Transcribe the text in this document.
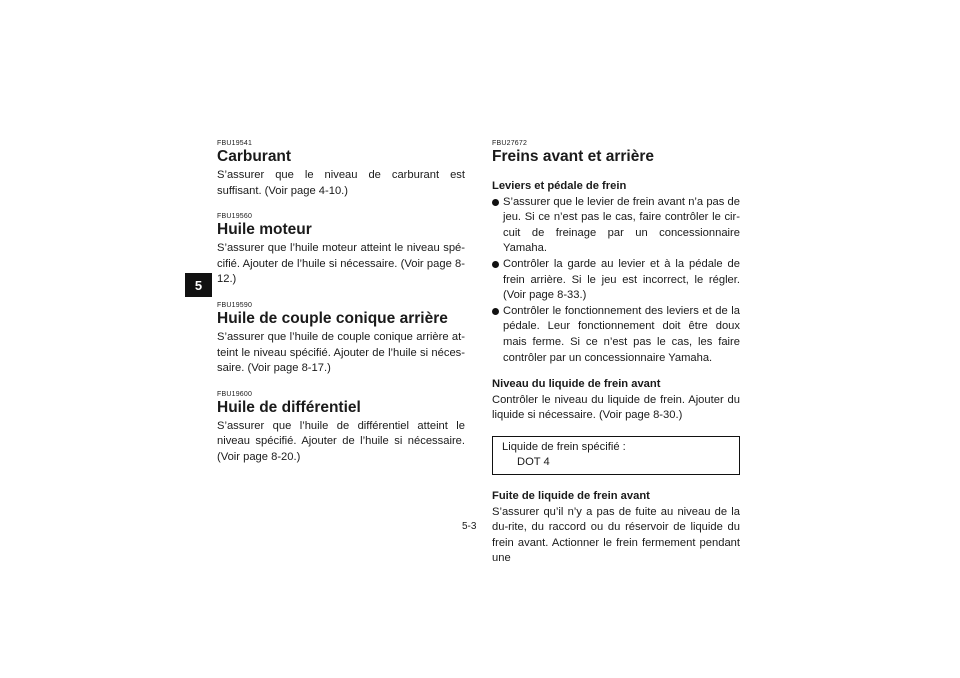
5
FBU19541
Carburant

S’assurer que le niveau de carburant est suffisant. (Voir page 4-10.)

FBU19560
Huile moteur

S’assurer que l’huile moteur atteint le niveau spé-cifié. Ajouter de l’huile si nécessaire. (Voir page 8-12.)

FBU19590
Huile de couple conique arrière

S’assurer que l’huile de couple conique arrière at-teint le niveau spécifié. Ajouter de l’huile si néces-saire. (Voir page 8-17.)

FBU19600
Huile de différentiel

S’assurer que l’huile de différentiel atteint le niveau spécifié. Ajouter de l’huile si nécessaire. (Voir page 8-20.)

FBU27672
Freins avant et arrière
Leviers et pédale de frein
S’assurer que le levier de frein avant n’a pas de jeu. Si ce n’est pas le cas, faire contrôler le cir-cuit de freinage par un concessionnaire Yamaha.
Contrôler la garde au levier et à la pédale de frein arrière. Si le jeu est incorrect, le régler. (Voir page 8-33.)
Contrôler le fonctionnement des leviers et de la pédale. Leur fonctionnement doit être doux mais ferme. Si ce n’est pas le cas, les faire contrôler par un concessionnaire Yamaha.
Niveau du liquide de frein avant

Contrôler le niveau du liquide de frein. Ajouter du liquide si nécessaire. (Voir page 8-30.)

Liquide de frein spécifié :
DOT 4
Fuite de liquide de frein avant

S’assurer qu’il n’y a pas de fuite au niveau de la du-rite, du raccord ou du réservoir de liquide du frein avant. Actionner le frein fermement pendant une

5-3
